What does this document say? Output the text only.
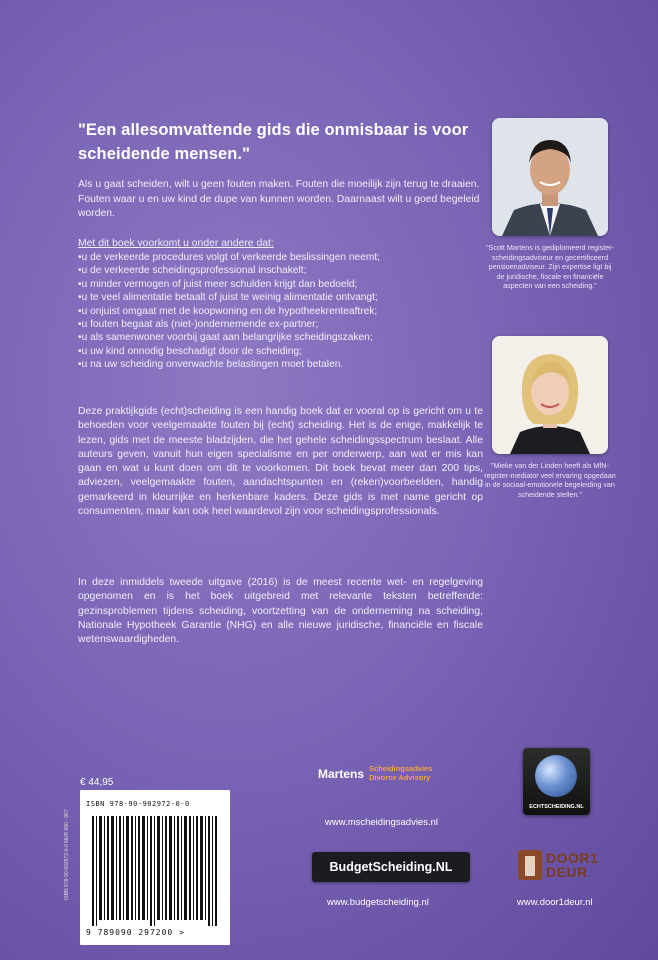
"Een allesomvattende gids die onmisbaar is voor scheidende mensen."

Als u gaat scheiden, wilt u geen fouten maken. Fouten die moeilijk zijn terug te draaien. Fouten waar u en uw kind de dupe van kunnen worden. Daarnaast wilt u goed begeleid worden.

Met dit boek voorkomt u onder andere dat:
• u de verkeerde procedures volgt of verkeerde beslissingen neemt;
• u de verkeerde scheidingsprofessional inschakelt;
• u minder vermogen of juist meer schulden krijgt dan bedoeld;
• u te veel alimentatie betaalt of juist te weinig alimentatie ontvangt;
• u onjuist omgaat met de koopwoning en de hypotheekrenteaftrek;
• u fouten begaat als (niet-)ondernemende ex-partner;
• u als samenwoner voorbij gaat aan belangrijke scheidingszaken;
• u uw kind onnodig beschadigt door de scheiding;
• u na uw scheiding onverwachte belastingen moet betalen.

Deze praktijkgids (echt)scheiding is een handig boek dat er vooral op is gericht om u te behoeden voor veelgemaakte fouten bij (echt) scheiding. Het is de enige, makkelijk te lezen, gids met de meeste bladzijden, die het gehele scheidingsspectrum beslaat. Alle auteurs geven, vanuit hun eigen specialisme en per onderwerp, aan wat er mis kan gaan en wat u kunt doen om dit te voorkomen. Dit boek bevat meer dan 200 tips, adviezen, veelgemaakte fouten, aandachtspunten en (reken)voorbeelden, handig gemarkeerd in kleurrijke en herkenbare kaders. Deze gids is met name gericht op consumenten, maar kan ook heel waardevol zijn voor scheidingsprofessionals.

In deze inmiddels tweede uitgave (2016) is de meest recente wet- en regelgeving opgenomen en is het boek uitgebreid met relevante teksten betreffende: gezinsproblemen tijdens scheiding, voortzetting van de onderneming na scheiding, Nationale Hypotheek Garantie (NHG) en alle nieuwe juridische, financiële en fiscale wetenswaardigheden.

"Scott Martens is gediplomeerd register-scheidingsadviseur en gecertificeerd pensioenadviseur. Zijn expertise ligt bij de juridische, fiscale en financiële aspecten van een scheiding."
"Mieke van der Linden heeft als MfN-register-mediator veel ervaring opgedaan in de sociaal-emotionele begeleiding van scheidende stellen."
€ 44,95
ISBN 978-90-902972-0-0
9 789090 297200 >
ISBN 978-90-902972-0-0 NUR 680 - 967
Martens Scheidingsadvies
Divorce Advisory
www.mscheidingsadvies.nl
BudgetScheiding.NL
www.budgetscheiding.nl
ECHTSCHEIDING.NL
DOOR1
DEUR
www.door1deur.nl
